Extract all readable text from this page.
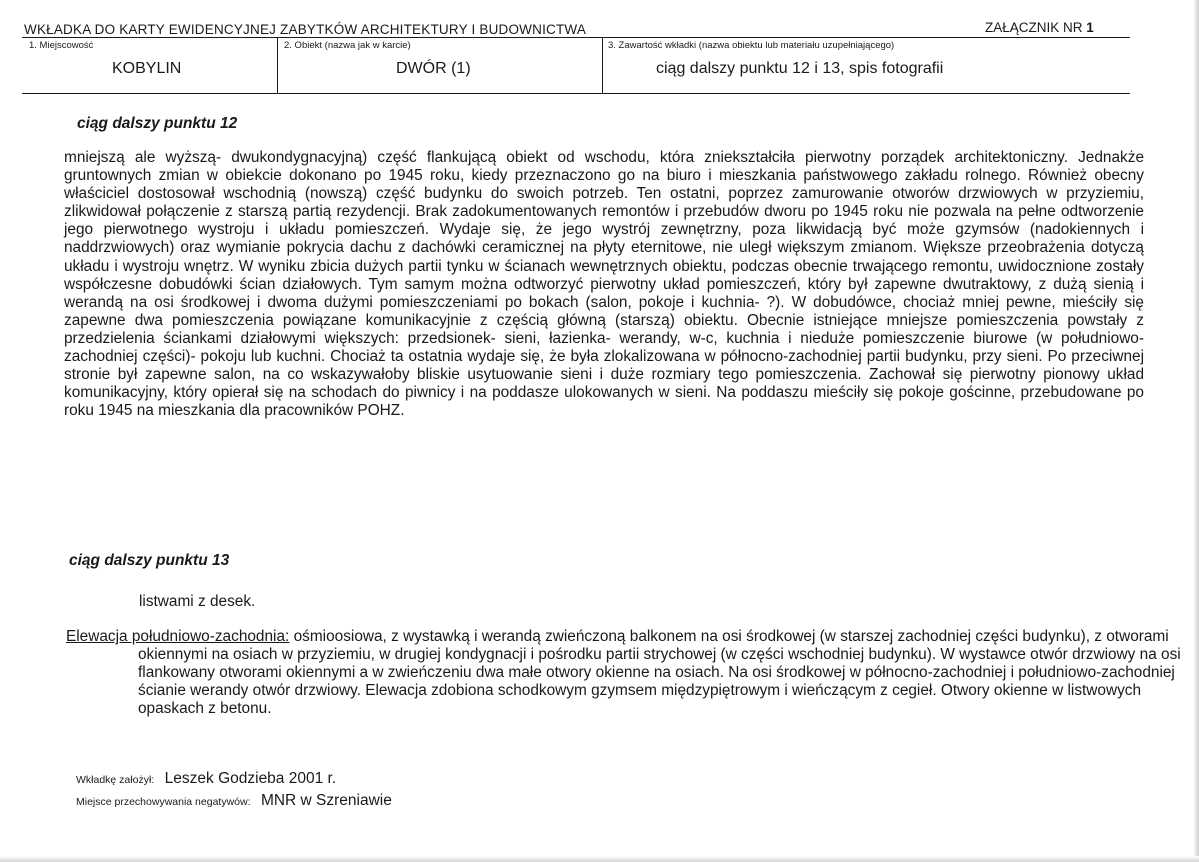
WKŁADKA DO KARTY EWIDENCYJNEJ ZABYTKÓW ARCHITEKTURY I BUDOWNICTWA	ZAŁĄCZNIK NR 1
1. Miejscowość
KOBYLIN
2. Obiekt (nazwa jak w karcie)
DWÓR (1)
3. Zawartość wkładki (nazwa obiektu lub materiału uzupełniającego)
ciąg dalszy punktu 12 i 13, spis fotografii
ciąg dalszy punktu 12
mniejszą ale wyższą- dwukondygnacyjną) część flankującą obiekt od wschodu, która zniekształciła pierwotny porządek architektoniczny. Jednakże gruntownych zmian w obiekcie dokonano po 1945 roku, kiedy przeznaczono go na biuro i mieszkania państwowego zakładu rolnego. Również obecny właściciel dostosował wschodnią (nowszą) część budynku do swoich potrzeb. Ten ostatni, poprzez zamurowanie otworów drzwiowych w przyziemiu, zlikwidował połączenie z starszą partią rezydencji. Brak zadokumentowanych remontów i przebudów dworu po 1945 roku nie pozwala na pełne odtworzenie jego pierwotnego wystroju i układu pomieszczeń. Wydaje się, że jego wystrój zewnętrzny, poza likwidacją być może gzymsów (nadokiennych i naddrzwiowych) oraz wymianie pokrycia dachu z dachówki ceramicznej na płyty eternitowe, nie uległ większym zmianom. Większe przeobrażenia dotyczą układu i wystroju wnętrz. W wyniku zbicia dużych partii tynku w ścianach wewnętrznych obiektu, podczas obecnie trwającego remontu, uwidocznione zostały współczesne dobudówki ścian działowych. Tym samym można odtworzyć pierwotny układ pomieszczeń, który był zapewne dwutraktowy, z dużą sienią i werandą na osi środkowej i dwoma dużymi pomieszczeniami po bokach (salon, pokoje i kuchnia- ?). W dobudówce, chociaż mniej pewne, mieściły się zapewne dwa pomieszczenia powiązane komunikacyjnie z częścią główną (starszą) obiektu. Obecnie istniejące mniejsze pomieszczenia powstały z przedzielenia ściankami działowymi większych: przedsionek- sieni, łazienka- werandy, w-c, kuchnia i nieduże pomieszczenie biurowe (w południowo-zachodniej części)- pokoju lub kuchni. Chociaż ta ostatnia wydaje się, że była zlokalizowana w północno-zachodniej partii budynku, przy sieni. Po przeciwnej stronie był zapewne salon, na co wskazywałoby bliskie usytuowanie sieni i duże rozmiary tego pomieszczenia. Zachował się pierwotny pionowy układ komunikacyjny, który opierał się na schodach do piwnicy i na poddasze ulokowanych w sieni. Na poddaszu mieściły się pokoje gościnne, przebudowane po roku 1945 na mieszkania dla pracowników POHZ.
ciąg dalszy punktu 13
listwami z desek.
Elewacja południowo-zachodnia: ośmioosiowa, z wystawką i werandą zwieńczoną balkonem na osi środkowej (w starszej zachodniej części budynku), z otworami okiennymi na osiach w przyziemiu, w drugiej kondygnacji i pośrodku partii strychowej (w części wschodniej budynku). W wystawce otwór drzwiowy na osi flankowany otworami okiennymi a w zwieńczeniu dwa małe otwory okienne na osiach. Na osi środkowej w północno-zachodniej i południowo-zachodniej ścianie werandy otwór drzwiowy. Elewacja zdobiona schodkowym gzymsem międzypiętrowym i wieńczącym z cegieł. Otwory okienne w listwowych opaskach z betonu.
Wkładkę założył: Leszek Godzieba 2001 r.
Miejsce przechowywania negatywów: MNR w Szreniawie
